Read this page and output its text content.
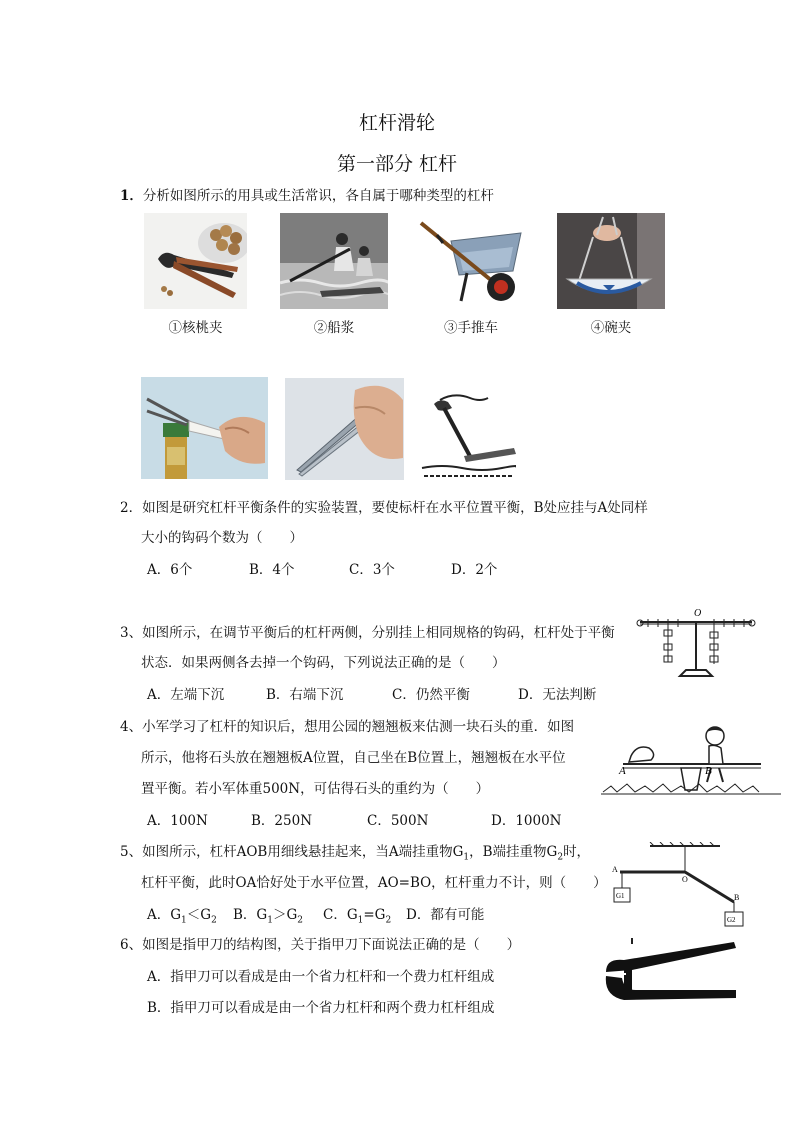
杠杆滑轮
第一部分 杠杆
1．分析如图所示的用具或生活常识，各自属于哪种类型的杠杆
①核桃夹	②船浆	③手推车	④碗夹
2．如图是研究杠杆平衡条件的实验装置，要使标杆在水平位置平衡，B处应挂与A处同样
大小的钩码个数为（　　）
A．6个	B．4个	C．3个	D．2个
3、如图所示，在调节平衡后的杠杆两侧，分别挂上相同规格的钩码，杠杆处于平衡
状态．如果两侧各去掉一个钩码，下列说法正确的是（　　）
A．左端下沉	B．右端下沉	C．仍然平衡	D．无法判断
O
4、小军学习了杠杆的知识后，想用公园的翘翘板来估测一块石头的重．如图
所示，他将石头放在翘翘板A位置，自己坐在B位置上，翘翘板在水平位
置平衡。若小军体重500N，可估得石头的重约为（　　）
A．100N	B．250N	C．500N	D．1000N
A	B
5、如图所示，杠杆AOB用细线悬挂起来，当A端挂重物$G_1$，B端挂重物$G_2$时，
杠杆平衡，此时OA恰好处于水平位置，AO=BO，杠杆重力不计，则（　　）
A．$G_1<G_2$ B．$G_1>G_2$ C．$G_1=G_2$ D．都有可能
A
O
B
G1
G2
6、如图是指甲刀的结构图，关于指甲刀下面说法正确的是（　　）
A．指甲刀可以看成是由一个省力杠杆和一个费力杠杆组成
B．指甲刀可以看成是由一个省力杠杆和两个费力杠杆组成
